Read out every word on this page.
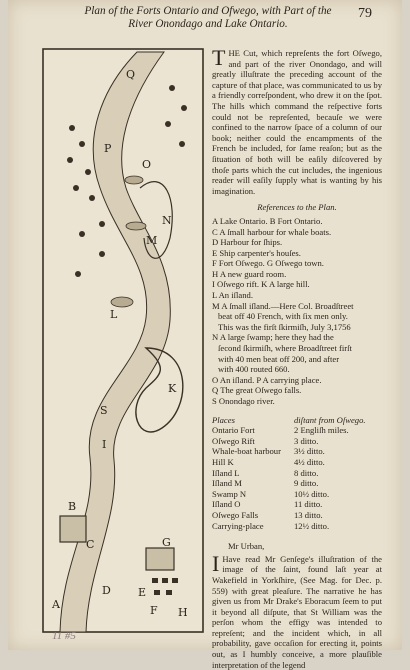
Plan of the Forts Ontario and Ofwego, with Part of the
River Onondago and Lake Ontario.
79
A
B
C
D E
F
G
H
I
K
L
M
N
O
P
Q
S
T HE Cut, which repreſents the fort Oſwego, and part of the river Onondago, and will greatly illuſtrate the preceding account of the capture of that place, was communicated to us by a friendly correſpondent, who drew it on the ſpot. The hills which command the reſpective forts could not be repreſented, becauſe we were confined to the narrow ſpace of a column of our book; neither could the encampments of the French be included, for ſame reaſon; but as the ſituation of both will be eaſily diſcovered by thoſe parts which the cut includes, the ingenious reader will eaſily ſupply what is wanting by his imagination.

References to the Plan.

A Lake Ontario. B Fort Ontario.

C A ſmall harbour for whale boats.

D Harbour for ſhips.

E Ship carpenter's houſes.

F Fort Oſwego. G Oſwego town.

H A new guard room.

I Oſwego rift. K A large hill.

L An iſland.

M A ſmall iſland.—Here Col. Broadſtreet

beat off 40 French, with ſix men only.

This was the firſt ſkirmiſh, July 3,1756

N A large ſwamp; here they had the

ſecond ſkirmiſh, where Broadſtreet firſt

with 40 men beat off 200, and after

with 400 routed 660.

O An iſland. P A carrying place.

Q The great Oſwego falls.

S Onondago river.

Places	diſtant from Oſwego.
Ontario Fort	2 Engliſh miles.
Oſwego Rift	3 ditto.
Whale-boat harbour	3½ ditto.
Hill K	4½ ditto.
Iſland L	8 ditto.
Iſland M	9 ditto.
Swamp N	10½ ditto.
Iſland O	11 ditto.
Oſwego Falls	13 ditto.
Carrying-place	12½ ditto.
Mr Urban,
I Have read Mr Genſege's illuſtration of the image of the ſaint, found laſt year at Wakefield in Yorkſhire, (See Mag. for Dec. p. 559) with great pleaſure. The narrative he has given us from Mr Drake's Eboracum ſeem to put it beyond all diſpute, that St William was the perſon whom the effigy was intended to repreſent; and the incident which, in all probability, gave occaſion for erecting it, points out, as I humbly conceive, a more plauſible interpretation of the legend

11 #5
